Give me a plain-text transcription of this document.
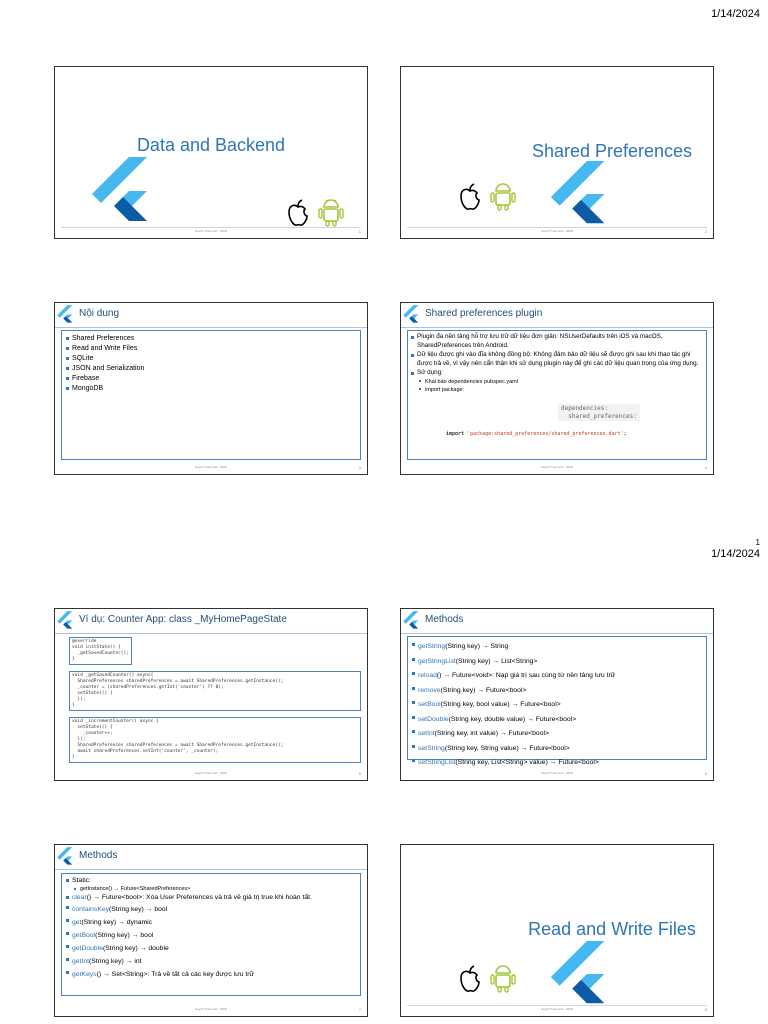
1/14/2024
1
1/14/2024
Data and Backend
Huynh Tuan Anh - SWD	1
Shared Preferences
Huynh Tuan Anh - SWD	2
Nội dung
Shared Preferences
Read and Write Files
SQLite
JSON and Serialization
Firebase
MongoDB
Huynh Tuan Anh - SWD	3
Shared preferences plugin
Plugin đa nền tảng hỗ trợ lưu trữ dữ liệu đơn giản: NSUserDefaults trên iOS và macOS, SharedPreferences trên Android.
Dữ liệu được ghi vào đĩa không đồng bộ: Không đảm bảo dữ liệu sẽ được ghi sau khi thao tác ghi được trả về, vì vậy nên cẩn thận khi sử dụng plugin này để ghi các dữ liệu quan trọng của ứng dụng.
Sử dụng:
Khai báo dependencies pubspec.yaml
import package:
dependencies:
shared_preferences:
import 'package:shared_preferences/shared_preferences.dart';
Huynh Tuan Anh - SWD	4
Ví dụ: Counter App: class _MyHomePageState
@override
void initState() {
_getSavedCounter();
}
void _getSavedCounter() async{
SharedPreferences sharedPreferences = await SharedPreferences.getInstance();
_counter = (sharedPreferences.getInt('counter') ?? 0);
setState(() {
});
}
void _incrementCounter() async {
setState(() {
_counter++;
});
SharedPreferences sharedPreferences = await SharedPreferences.getInstance();
await sharedPreferences.setInt('counter', _counter);
}
Huynh Tuan Anh - SWD	5
Methods
getString(String key) → String
getStringList(String key) → List<String>
reload() → Future<void>: Nạp giá trị sau cùng từ nền tảng lưu trữ
remove(String key) → Future<bool>
setBool(String key, bool value) → Future<bool>
setDouble(String key, double value) → Future<bool>
setInt(String key, int value) → Future<bool>
setString(String key, String value) → Future<bool>
setStringList(String key, List<String> value) → Future<bool>
Huynh Tuan Anh - SWD	6
Methods
Static:
getInstance() → Future<SharedPreferences>
clear() → Future<bool>: Xóa User Preferences và trả về giá trị true khi hoàn tất.
containsKey(String key) → bool
get(String key) → dynamic
getBool(String key) → bool
getDouble(String key) → double
getInt(String key) → int
getKeys() → Set<String>: Trả về tất cả các key được lưu trữ
Huynh Tuan Anh - SWD	7
Read and Write Files
Huynh Tuan Anh - SWD	8
